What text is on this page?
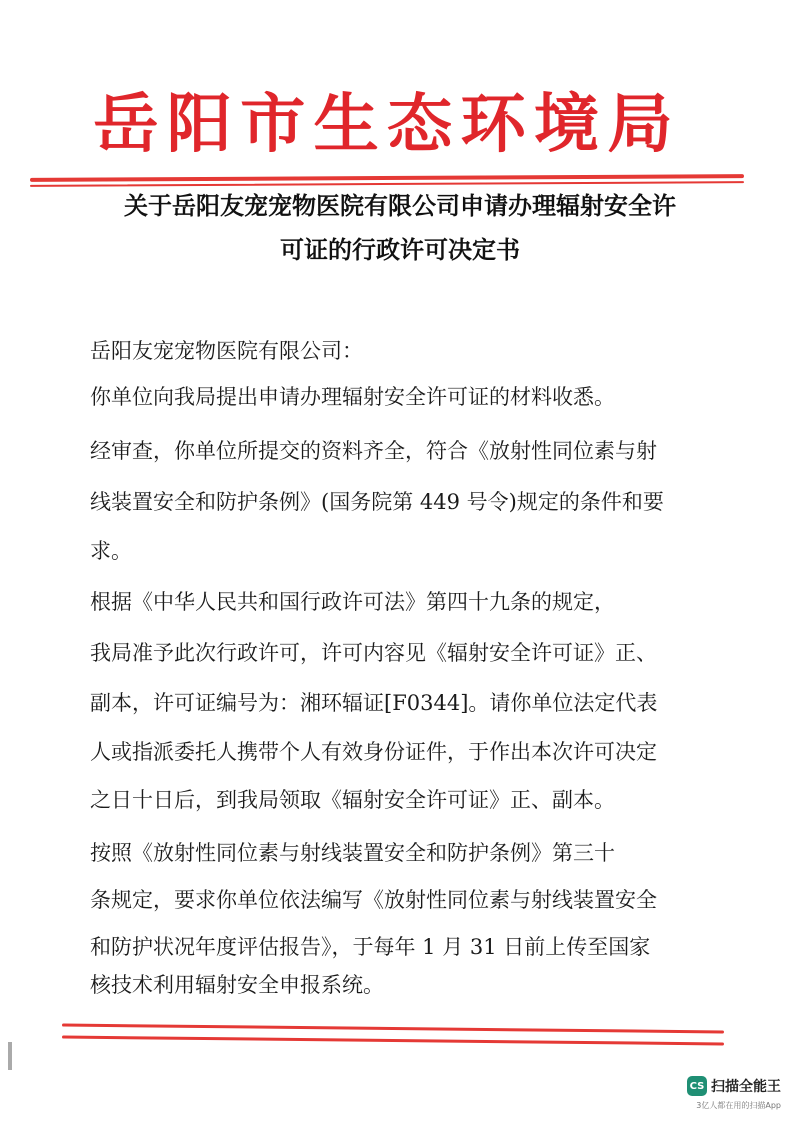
岳阳市生态环境局
关于岳阳友宠宠物医院有限公司申请办理辐射安全许
可证的行政许可决定书
岳阳友宠宠物医院有限公司：
你单位向我局提出申请办理辐射安全许可证的材料收悉。
经审查，你单位所提交的资料齐全，符合《放射性同位素与射
线装置安全和防护条例》(国务院第 449 号令)规定的条件和要
求。
根据《中华人民共和国行政许可法》第四十九条的规定，
我局准予此次行政许可，许可内容见《辐射安全许可证》正、
副本，许可证编号为：湘环辐证[F0344]。请你单位法定代表
人或指派委托人携带个人有效身份证件，于作出本次许可决定
之日十日后，到我局领取《辐射安全许可证》正、副本。
按照《放射性同位素与射线装置安全和防护条例》第三十
条规定，要求你单位依法编写《放射性同位素与射线装置安全
和防护状况年度评估报告》，于每年 1 月 31 日前上传至国家
核技术利用辐射安全申报系统。
CS 扫描全能王
3亿人都在用的扫描App
